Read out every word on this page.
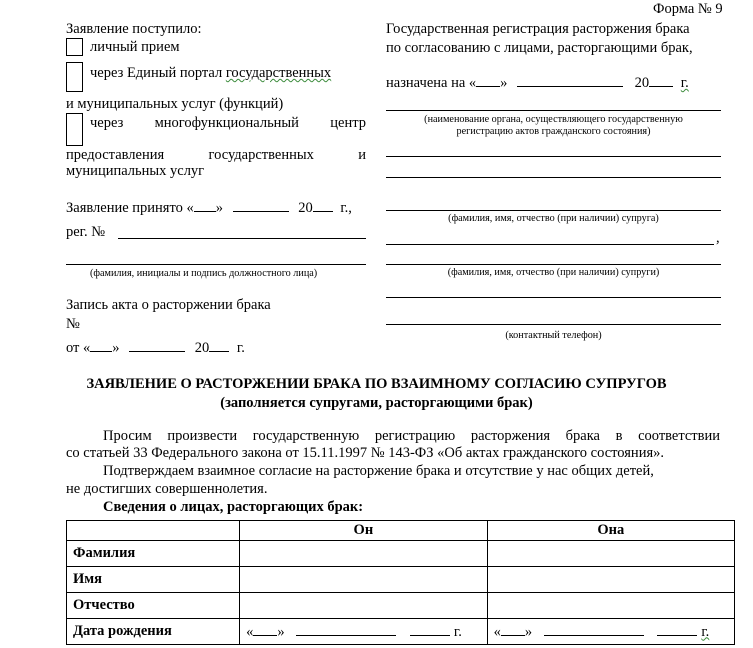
Форма № 9
Заявление поступило:
личный прием
через Единый портал государственных
и муниципальных услуг (функций)
через многофункциональный центр
предоставления	государственных	и
муниципальных услуг
Заявление принято « »	20 г.,
рег. №
(фамилия, инициалы и подпись должностного лица)
Запись акта о расторжении брака
№
от « »	20 г.
Государственная регистрация расторжения брака
по согласованию с лицами, расторгающими брак,
назначена на « »	20 г.
(наименование органа, осуществляющего государственную
регистрацию актов гражданского состояния)
(фамилия, имя, отчество (при наличии) супруга)
,
(фамилия, имя, отчество (при наличии) супруги)
(контактный телефон)
ЗАЯВЛЕНИЕ О РАСТОРЖЕНИИ БРАКА ПО ВЗАИМНОМУ СОГЛАСИЮ СУПРУГОВ
(заполняется супругами, расторгающими брак)
Просим произвести государственную регистрацию расторжения брака в соответствии
со статьей 33 Федерального закона от 15.11.1997 № 143-ФЗ «Об актах гражданского состояния».
Подтверждаем взаимное согласие на расторжение брака и отсутствие у нас общих детей,
не достигших совершеннолетия.
Сведения о лицах, расторгающих брак:
	Он	Она
Фамилия		
Имя		
Отчество		
Дата рождения	« » г.	« » г.
